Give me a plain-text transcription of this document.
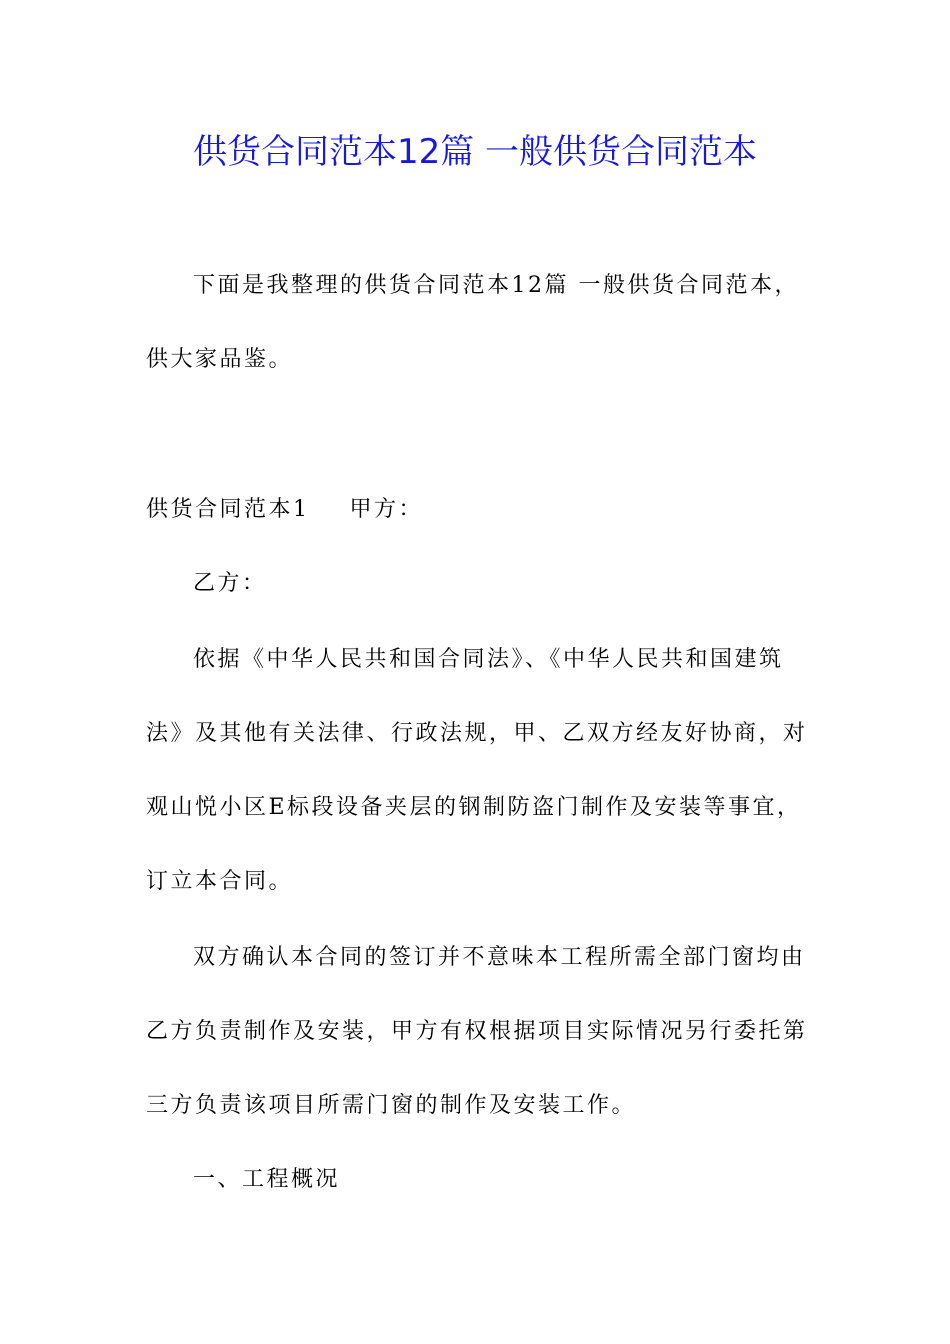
供货合同范本12篇 一般供货合同范本
下面是我整理的供货合同范本12篇 一般供货合同范本，
供大家品鉴。
供货合同范本1 甲方：
乙方：
依据《中华人民共和国合同法》、《中华人民共和国建筑
法》及其他有关法律、行政法规，甲、乙双方经友好协商，对
观山悦小区E标段设备夹层的钢制防盗门制作及安装等事宜，
订立本合同。
双方确认本合同的签订并不意味本工程所需全部门窗均由
乙方负责制作及安装，甲方有权根据项目实际情况另行委托第
三方负责该项目所需门窗的制作及安装工作。
一、工程概况
